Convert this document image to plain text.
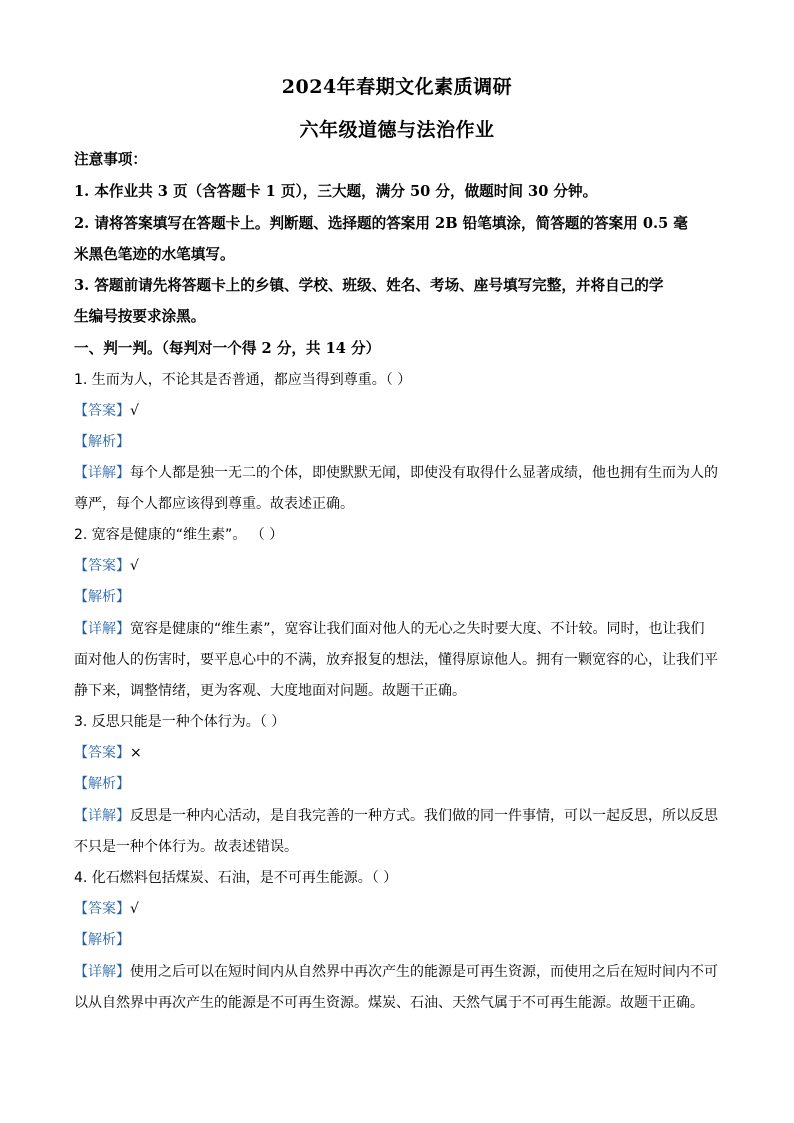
2024年春期文化素质调研
六年级道德与法治作业
注意事项：
1. 本作业共 3 页（含答题卡 1 页），三大题，满分 50 分，做题时间 30 分钟。
2. 请将答案填写在答题卡上。判断题、选择题的答案用 2B 铅笔填涂，简答题的答案用 0.5 毫
米黑色笔迹的水笔填写。
3. 答题前请先将答题卡上的乡镇、学校、班级、姓名、考场、座号填写完整，并将自己的学
生编号按要求涂黑。
一、判一判。（每判对一个得 2 分，共 14 分）
1. 生而为人，不论其是否普通，都应当得到尊重。（ ）
【答案】√
【解析】
【详解】每个人都是独一无二的个体，即使默默无闻，即使没有取得什么显著成绩，他也拥有生而为人的
尊严，每个人都应该得到尊重。故表述正确。
2. 宽容是健康的“维生素”。 （ ）
【答案】√
【解析】
【详解】宽容是健康的“维生素”，宽容让我们面对他人的无心之失时要大度、不计较。同时，也让我们
面对他人的伤害时，要平息心中的不满，放弃报复的想法，懂得原谅他人。拥有一颗宽容的心，让我们平
静下来，调整情绪，更为客观、大度地面对问题。故题干正确。
3. 反思只能是一种个体行为。（ ）
【答案】×
【解析】
【详解】反思是一种内心活动，是自我完善的一种方式。我们做的同一件事情，可以一起反思，所以反思
不只是一种个体行为。故表述错误。
4. 化石燃料包括煤炭、石油，是不可再生能源。（ ）
【答案】√
【解析】
【详解】使用之后可以在短时间内从自然界中再次产生的能源是可再生资源，而使用之后在短时间内不可
以从自然界中再次产生的能源是不可再生资源。煤炭、石油、天然气属于不可再生能源。故题干正确。
